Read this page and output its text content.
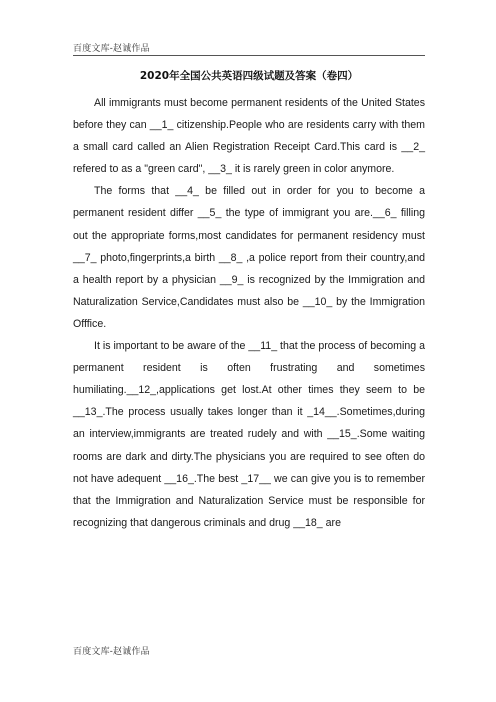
百度文库-赵诚作品
2020年全国公共英语四级试题及答案（卷四）

All immigrants must become permanent residents of the United States before they can __1_ citizenship.People who are residents carry with them a small card called an Alien Registration Receipt Card.This card is __2_ refered to as a "green card", __3_ it is rarely green in color anymore.

The forms that __4_ be filled out in order for you to become a permanent resident differ __5_ the type of immigrant you are.__6_ filling out the appropriate forms,most candidates for permanent residency must __7_ photo,fingerprints,a birth __8_ ,a police report from their country,and a health report by a physician __9_ is recognized by the Immigration and Naturalization Service,Candidates must also be __10_ by the Immigration Offfice.

It is important to be aware of the __11_ that the process of becoming a permanent resident is often frustrating and sometimes humiliating.__12_,applications get lost.At other times they seem to be __13_.The process usually takes longer than it _14__.Sometimes,during an interview,immigrants are treated rudely and with __15_.Some waiting rooms are dark and dirty.The physicians you are required to see often do not have adequent __16_.The best _17__ we can give you is to remember that the Immigration and Naturalization Service must be responsible for recognizing that dangerous criminals and drug __18_ are

百度文库-赵诚作品
